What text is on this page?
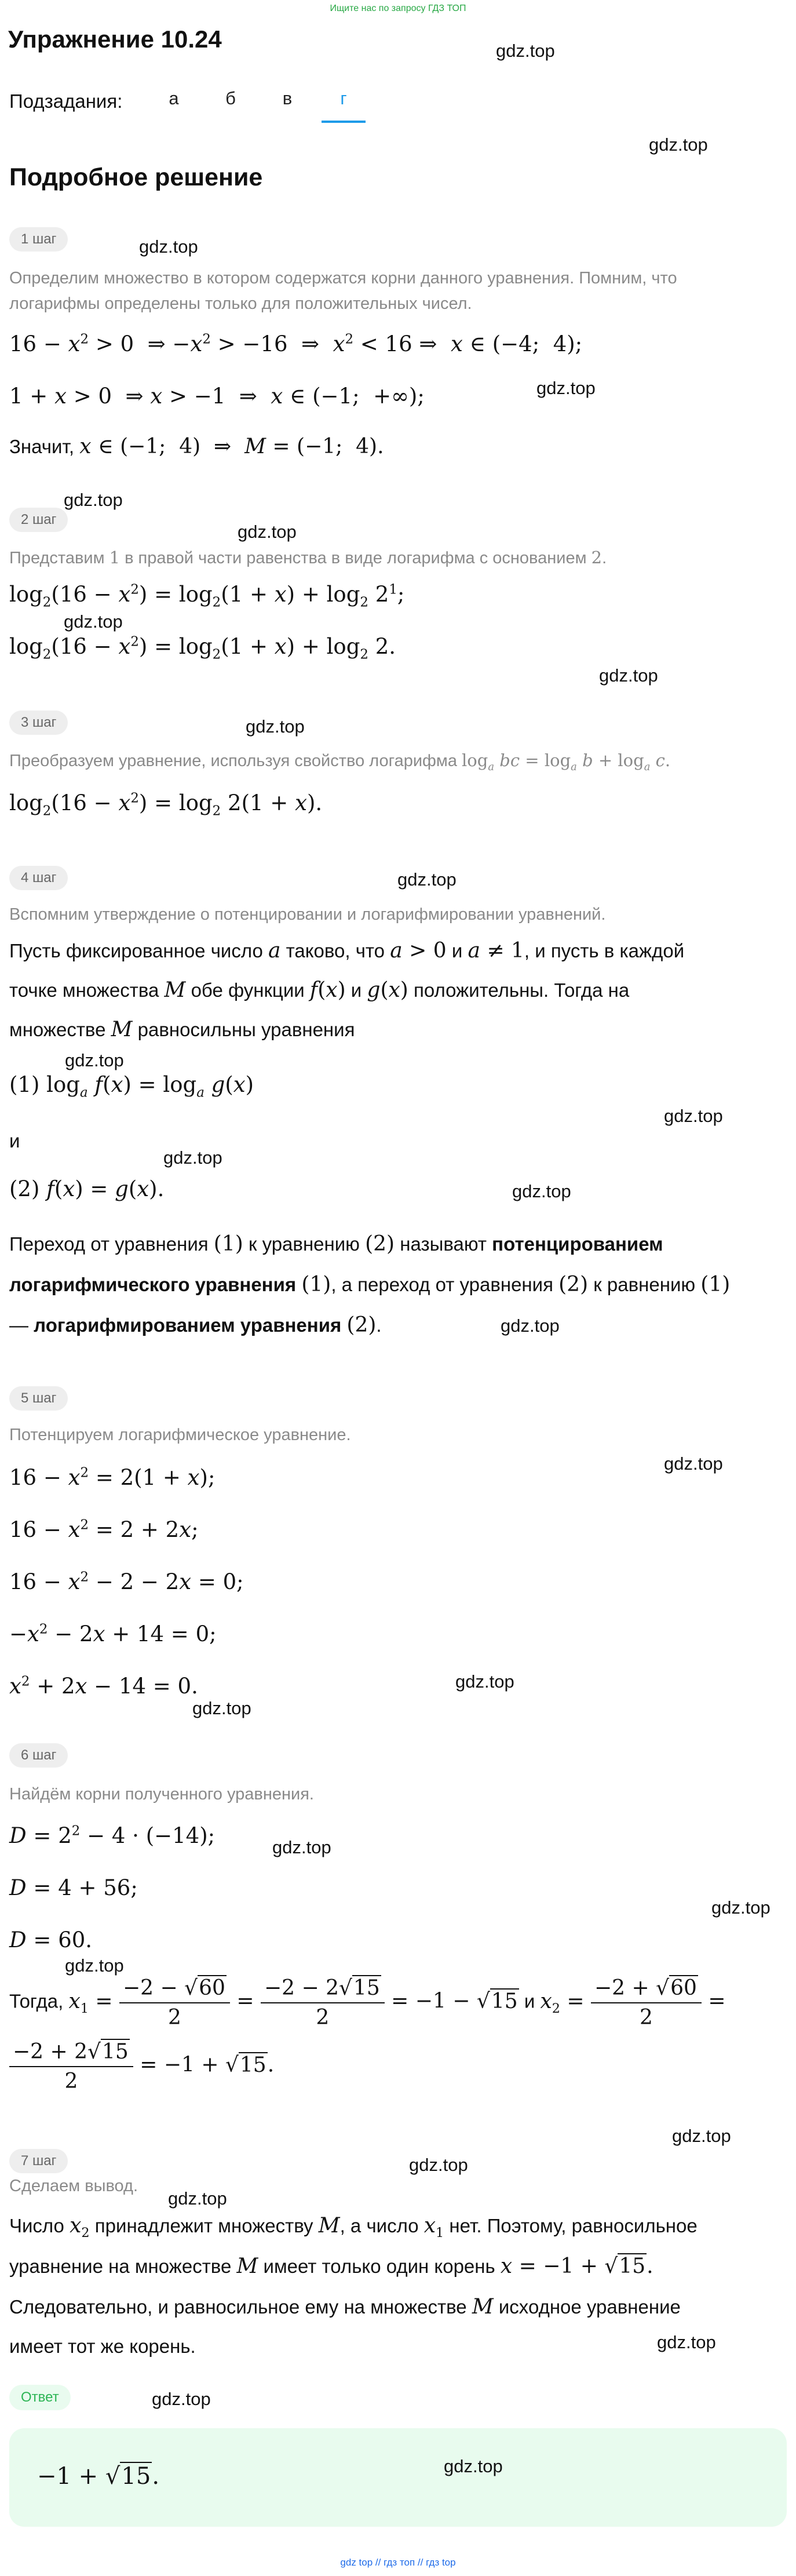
Ищите нас по запросу ГДЗ ТОП
Упражнение 10.24	gdz.top
Подзадания:	а	б	в	г
gdz.top
Подробное решение
1 шаг	gdz.top
Определим множество в котором содержатся корни данного уравнения. Помним, что
логарифмы определены только для положительных чисел.
$16 - x^2 > 0$  ⇒ $-x^2 > -16$  ⇒  $x^2 < 16$ ⇒  x ∈ (−4;  4);
1 + x > 0  ⇒ x > −1  ⇒  x ∈ (−1;  +∞);	gdz.top
Значит, x ∈ (−1;  4)  ⇒  M = (−1;  4).
gdz.top
2 шаг
gdz.top
Представим 1 в правой части равенства в виде логарифма с основанием 2.
$\log_2(16 - x^2) = \log_2(1 + x) + \log_2 2^1$;
gdz.top
$\log_2(16 - x^2) = \log_2(1 + x) + \log_2 2$.
gdz.top
3 шаг	gdz.top
Преобразуем уравнение, используя свойство логарифма $\log_a$ bc = $\log_a b + \log_a c$.
$\log_2(16 - x^2) = \log_2 2(1 + x)$.
4 шаг	gdz.top
Вспомним утверждение о потенцировании и логарифмировании уравнений.
Пусть фиксированное число a таково, что a > 0 и a ≠ 1, и пусть в каждой
точке множества M обе функции f(x) и g(x) положительны. Тогда на
множестве M равносильны уравнения
gdz.top
(1) $\log_a f(x) = \log_a g(x)$
gdz.top
и
gdz.top
(2) f(x) = g(x).	gdz.top
Переход от уравнения (1) к уравнению (2) называют потенцированием
логарифмического уравнения (1), а переход от уравнения (2) к равнению (1)
— логарифмированием уравнения (2).	gdz.top
5 шаг
Потенцируем логарифмическое уравнение.
gdz.top
$16 - x^2 = 2(1 + x)$;
$16 - x^2 = 2 + 2x$;
$16 - x^2 - 2 - 2x = 0$;
$-x^2 - 2x + 14 = 0$;
$x^2 + 2x - 14 = 0$.	gdz.top
gdz.top
6 шаг
Найдём корни полученного уравнения.
$D = 2^2 - 4 \cdot (-14)$;	gdz.top
D = 4 + 56;
gdz.top
D = 60.
gdz.top
Тогда, $x_1 = \frac{-2 - √60}{2} = \frac{-2 - 2√15}{2} = -1 - √15$ и $x_2 = \frac{-2 + √60}{2}$ =
$\frac{-2 + 2√15}{2} = -1 + √15$.
gdz.top
7 шаг	gdz.top
Сделаем вывод.
gdz.top
Число $x_2$ принадлежит множеству M, а число $x_1$ нет. Поэтому, равносильное
уравнение на множестве M имеет только один корень x = −1 + √15.
Следовательно, и равносильное ему на множестве M исходное уравнение
gdz.top
имеет тот же корень.
Ответ	gdz.top
−1 + √15.	gdz.top
gdz top // гдз топ // гдз top
